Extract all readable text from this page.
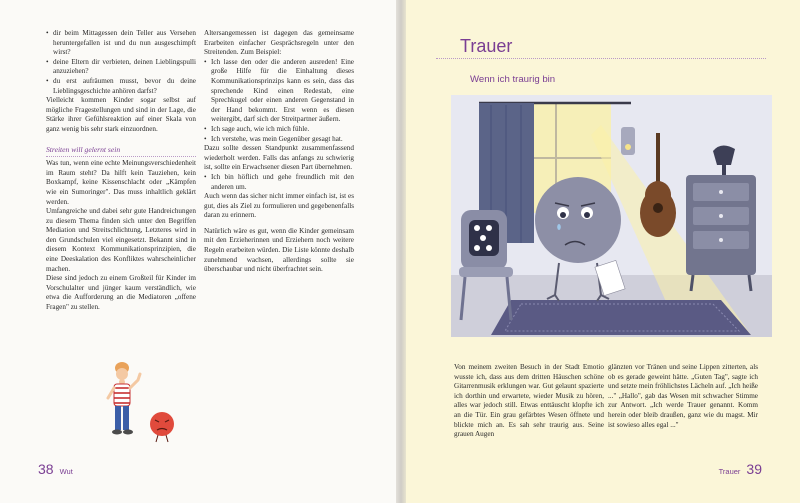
• dir beim Mittagessen dein Teller aus Versehen heruntergefallen ist und du nun ausgeschimpft wirst?
• deine Eltern dir verbieten, deinen Lieblingspulli anzuziehen?
• du erst aufräumen musst, bevor du deine Lieblingsgeschichte anhören darfst?

Vielleicht kommen Kinder sogar selbst auf mögliche Fragestellungen und sind in der Lage, die Stärke ihrer Gefühlsreaktion auf einer Skala von ganz wenig bis sehr stark einzuordnen.

Streiten will gelernt sein

Was tun, wenn eine echte Meinungsverschiedenheit im Raum steht? Da hilft kein Tauziehen, kein Boxkampf, keine Kissenschlacht oder „Kämpfen wie ein Sumoringer". Das muss inhaltlich geklärt werden.

Umfangreiche und dabei sehr gute Handreichungen zu diesem Thema finden sich unter den Begriffen Mediation und Streitschlichtung, Letzteres wird in den Grundschulen viel eingesetzt. Bekannt sind in diesem Kontext Kommunikationsprinzipien, die eine Deeskalation des Konfliktes wahrscheinlicher machen.

Diese sind jedoch zu einem Großteil für Kinder im Vorschulalter und jünger kaum verständlich, wie etwa die Aufforderung an die Mediatoren „offene Fragen" zu stellen.

Altersangemessen ist dagegen das gemeinsame Erarbeiten einfacher Gesprächsregeln unter den Streitenden. Zum Beispiel:

• Ich lasse den oder die anderen ausreden! Eine große Hilfe für die Einhaltung dieses Kommunikationsprinzips kann es sein, dass das sprechende Kind einen Redestab, eine Sprechkugel oder einen anderen Gegenstand in der Hand bekommt. Erst wenn es diesen weitergibt, darf sich der Streitpartner äußern.
• Ich sage auch, wie ich mich fühle.
• Ich verstehe, was mein Gegenüber gesagt hat.

Dazu sollte dessen Standpunkt zusammenfassend wiederholt werden. Falls das anfangs zu schwierig ist, sollte ein Erwachsener diesen Part übernehmen.

• Ich bin höflich und gehe freundlich mit den anderen um.

Auch wenn das sicher nicht immer einfach ist, ist es gut, dies als Ziel zu formulieren und gegebenenfalls daran zu erinnern.

Natürlich wäre es gut, wenn die Kinder gemeinsam mit den Erzieherinnen und Erziehern noch weitere Regeln erarbeiten würden. Die Liste könnte deshalb zunehmend wachsen, allerdings sollte sie überschaubar und nicht überfrachtet sein.

38 Wut
Trauer
Wenn ich traurig bin
Von meinem zweiten Besuch in der Stadt Emotio wusste ich, dass aus dem dritten Häuschen schöne Gitarrenmusik erklungen war. Gut gelaunt spazierte ich dorthin und erwartete, wieder Musik zu hören, alles war jedoch still. Etwas enttäuscht klopfte ich an die Tür. Ein grau gefärbtes Wesen öffnete und blickte mich an. Es sah sehr traurig aus. Seine grauen Augen
glänzten vor Tränen und seine Lippen zitterten, als ob es gerade geweint hätte. „Guten Tag", sagte ich und setzte mein fröhlichstes Lächeln auf. „Ich heiße ..." „Hallo", gab das Wesen mit schwacher Stimme zur Antwort. „Ich werde Trauer genannt. Komm herein oder bleib draußen, ganz wie du magst. Mir ist sowieso alles egal ..."
Trauer 39
